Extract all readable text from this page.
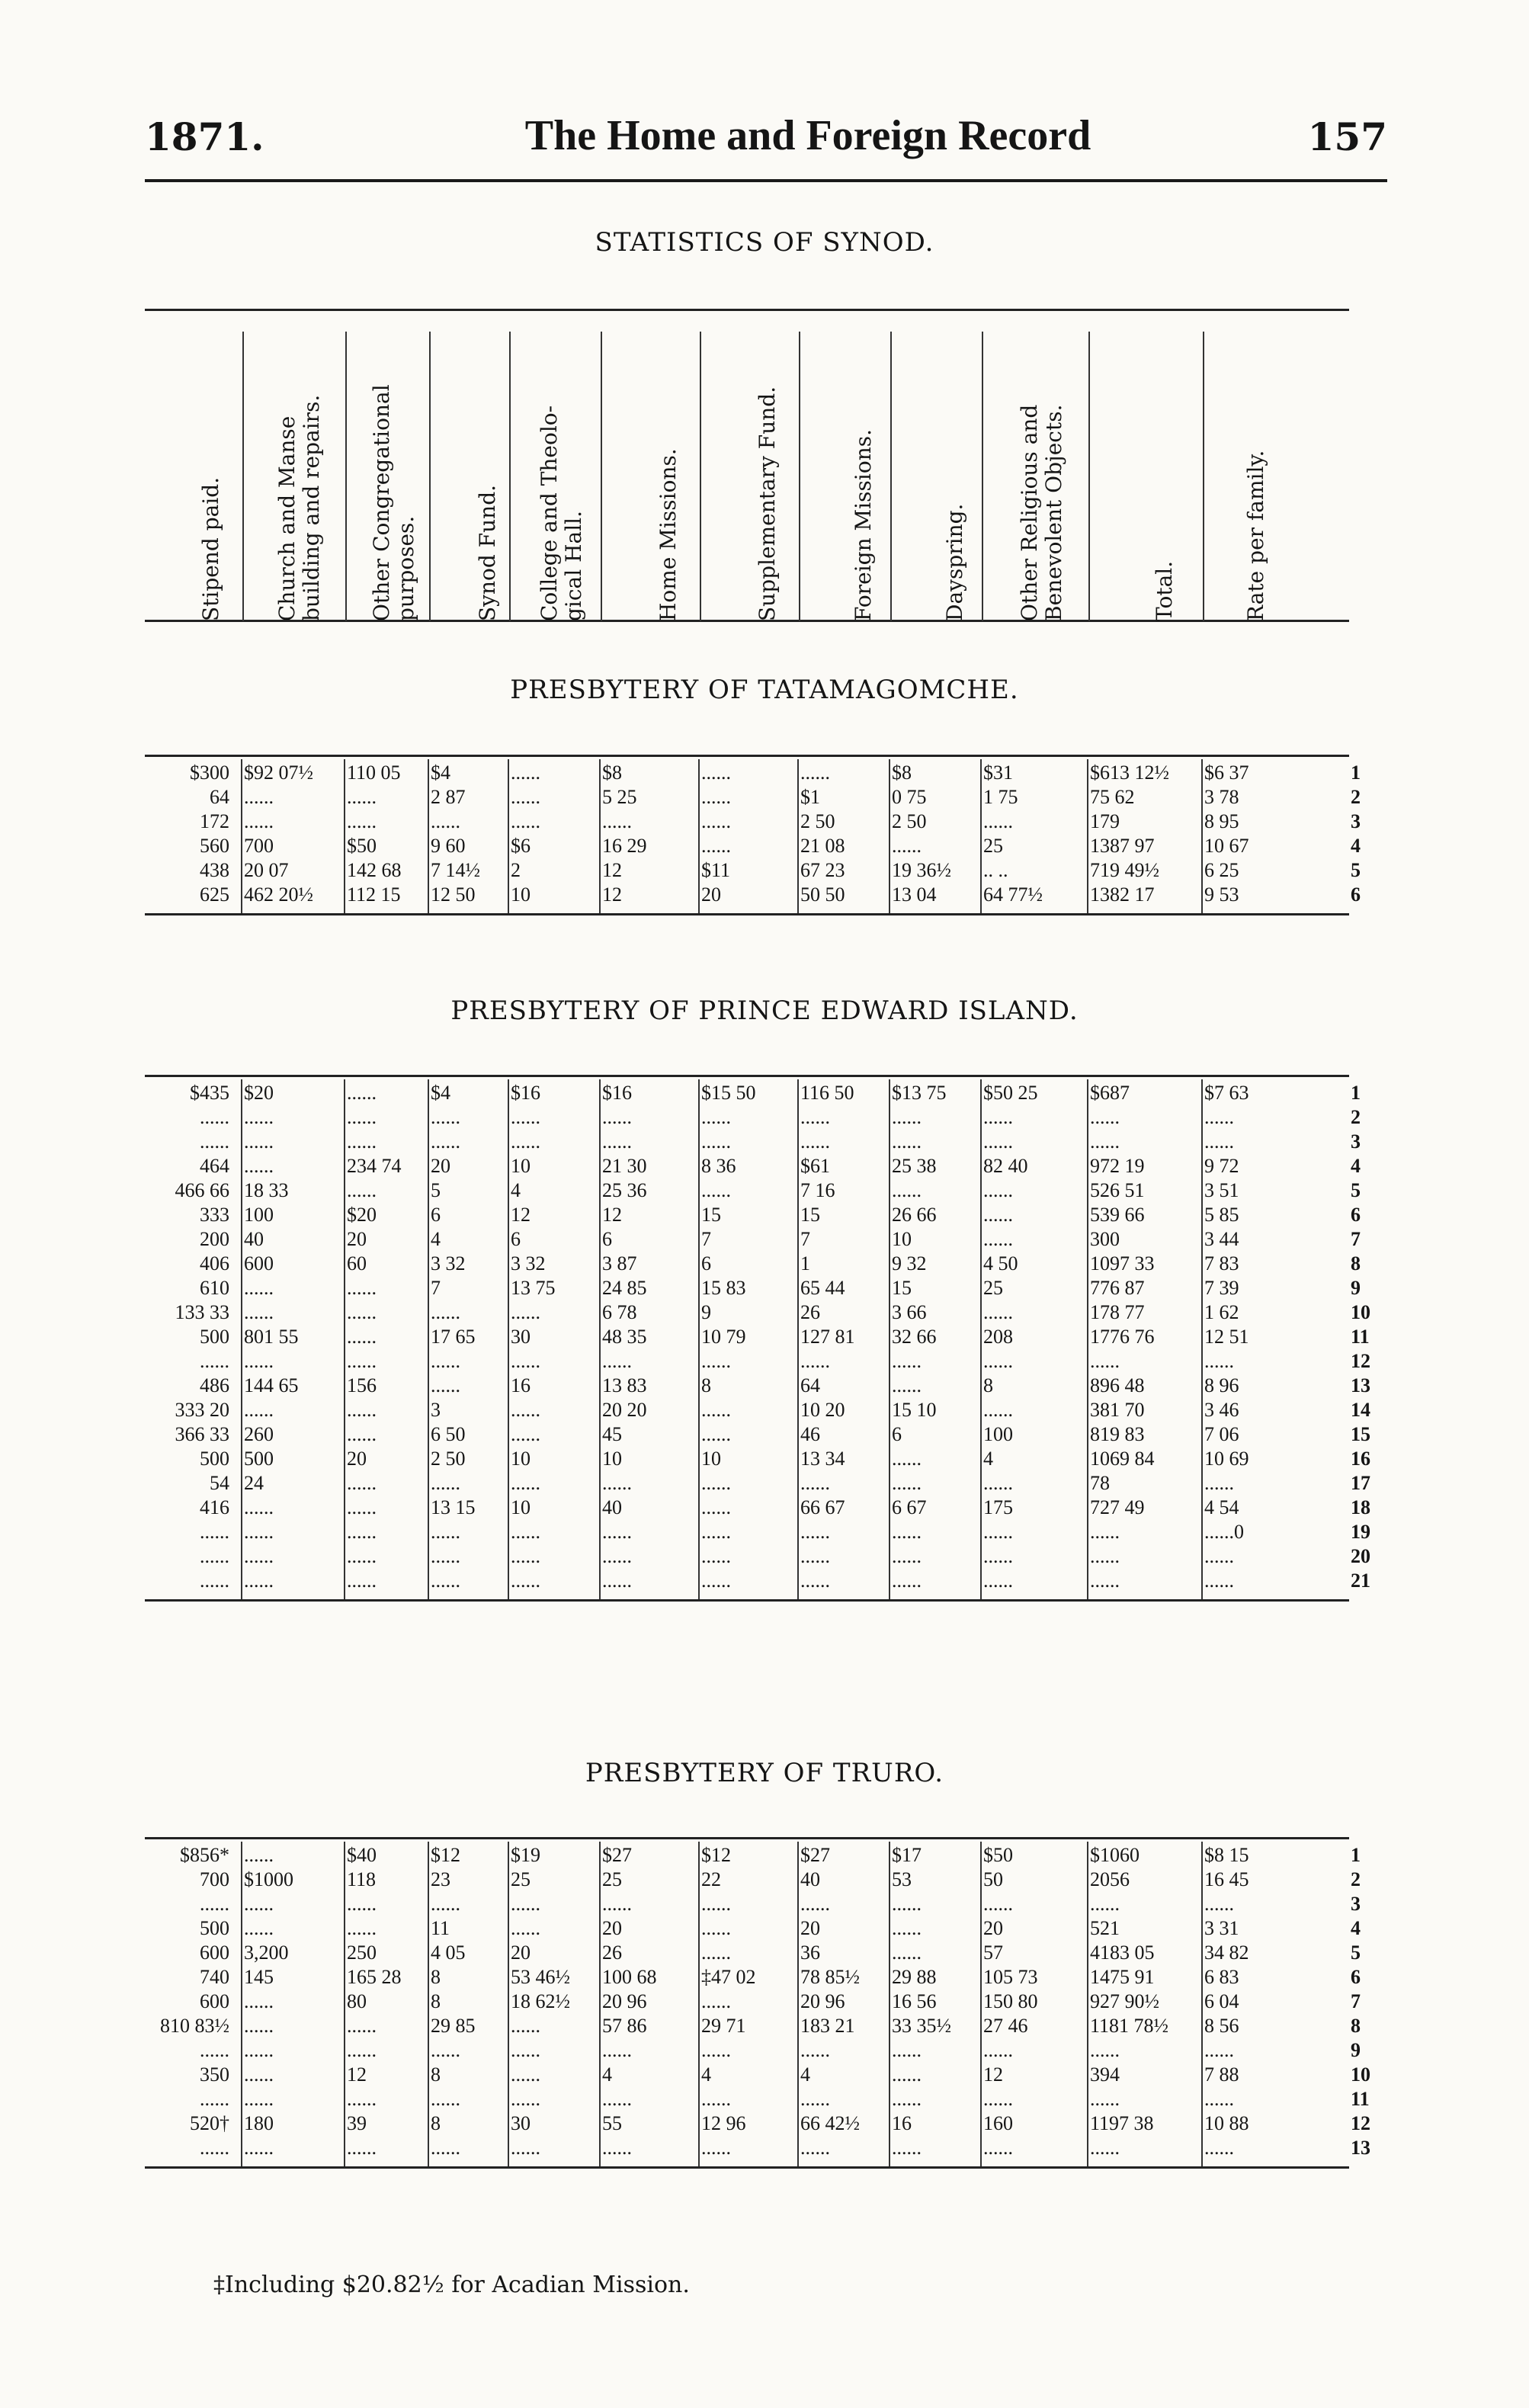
1871.	The Home and Foreign Record	157
STATISTICS OF SYNOD.
Stipend paid. Church and Manse
building and repairs.
Other Congregational
purposes.	Synod Fund. College and Theolo-
gical Hall.	Home Missions.	Supplementary Fund.	Foreign Missions.	Dayspring. Other Religious and
Benevolent Objects.
Total.	Rate per family.
PRESBYTERY OF TATAMAGOMCHE.
$300 $92 07½	110 05	$4	......	$8	......	......	$8	$31	$613 12½	$6 37	1
64 ......	......	2 87	......	5 25	......	$1	0 75	1 75	75 62	3 78	2
172 ......	......	......	......	......	......	2 50	2 50	......	179	8 95	3
560 700	$50	9 60	$6	16 29	......	21 08	......	25	1387 97	10 67	4
438 20 07	142 68	7 14½	2	12	$11	67 23	19 36½	.. ..	719 49½	6 25	5
625 462 20½	112 15	12 50	10	12	20	50 50	13 04	64 77½	1382 17	9 53	6
PRESBYTERY OF PRINCE EDWARD ISLAND.
$435 $20	......	$4	$16	$16	$15 50	116 50	$13 75	$50 25	$687	$7 63	1
...... ......	......	......	......	......	......	......	......	......	......	......	2
...... ......	......	......	......	......	......	......	......	......	......	......	3
464 ......	234 74	20	10	21 30	8 36	$61	25 38	82 40	972 19	9 72	4
466 66 18 33	......	5	4	25 36	......	7 16	......	......	526 51	3 51	5
333 100	$20	6	12	12	15	15	26 66	......	539 66	5 85	6
200 40	20	4	6	6	7	7	10	......	300	3 44	7
406 600	60	3 32	3 32	3 87	6	1	9 32	4 50	1097 33	7 83	8
610 ......	......	7	13 75	24 85	15 83	65 44	15	25	776 87	7 39	9
133 33 ......	......	......	......	6 78	9	26	3 66	......	178 77	1 62	10
500 801 55	......	17 65	30	48 35	10 79	127 81	32 66	208	1776 76	12 51	11
...... ......	......	......	......	......	......	......	......	......	......	......	12
486 144 65	156	......	16	13 83	8	64	......	8	896 48	8 96	13
333 20 ......	......	3	......	20 20	......	10 20	15 10	......	381 70	3 46	14
366 33 260	......	6 50	......	45	......	46	6	100	819 83	7 06	15
500 500	20	2 50	10	10	10	13 34	......	4	1069 84	10 69	16
54 24	......	......	......	......	......	......	......	......	78	......	17
416 ......	......	13 15	10	40	......	66 67	6 67	175	727 49	4 54	18
...... ......	......	......	......	......	......	......	......	......	......	......0	19
...... ......	......	......	......	......	......	......	......	......	......	......	20
...... ......	......	......	......	......	......	......	......	......	......	......	21
PRESBYTERY OF TRURO.
$856* ......	$40	$12	$19	$27	$12	$27	$17	$50	$1060	$8 15	1
700 $1000	118	23	25	25	22	40	53	50	2056	16 45	2
...... ......	......	......	......	......	......	......	......	......	......	......	3
500 ......	......	11	......	20	......	20	......	20	521	3 31	4
600 3,200	250	4 05	20	26	......	36	......	57	4183 05	34 82	5
740 145	165 28	8	53 46½	100 68	‡47 02	78 85½	29 88	105 73	1475 91	6 83	6
600 ......	80	8	18 62½	20 96	......	20 96	16 56	150 80	927 90½	6 04	7
810 83½ ......	......	29 85	......	57 86	29 71	183 21	33 35½	27 46	1181 78½	8 56	8
...... ......	......	......	......	......	......	......	......	......	......	......	9
350 ......	12	8	......	4	4	4	......	12	394	7 88	10
...... ......	......	......	......	......	......	......	......	......	......	......	11
520† 180	39	8	30	55	12 96	66 42½	16	160	1197 38	10 88	12
...... ......	......	......	......	......	......	......	......	......	......	......	13
‡Including $20.82½ for Acadian Mission.
